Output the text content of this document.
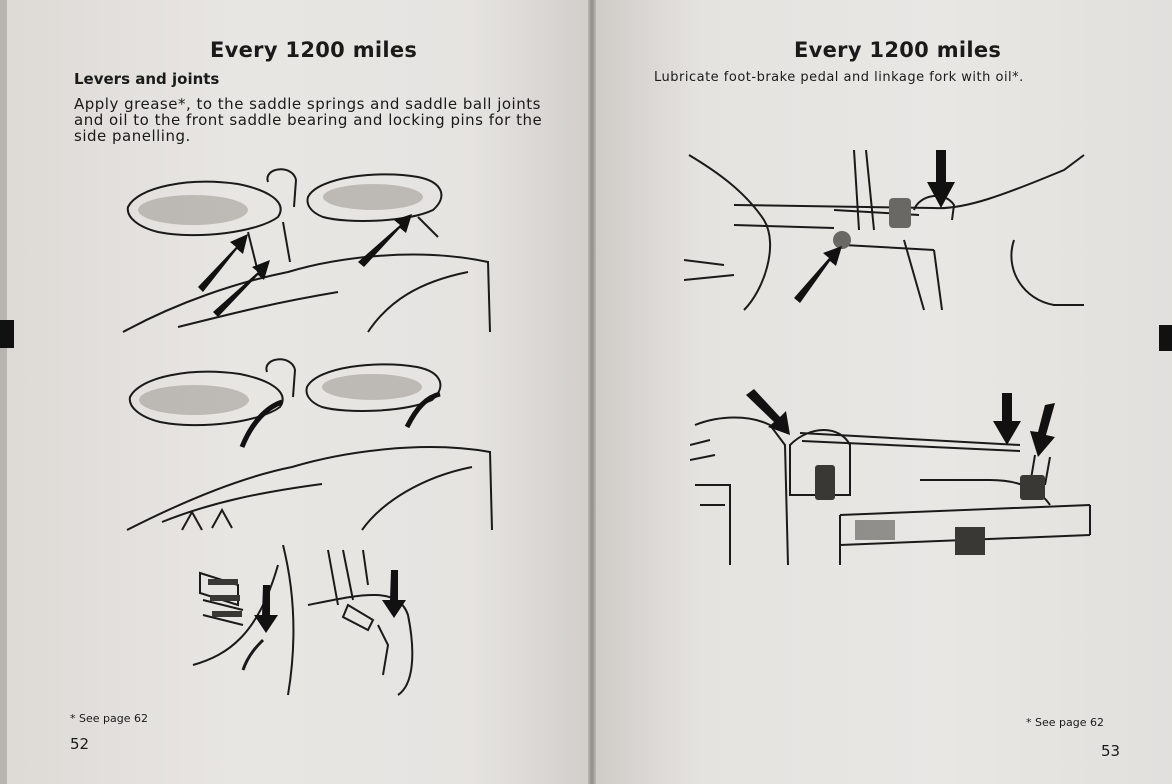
Every 1200 miles
Levers and joints
Apply grease*, to the saddle springs and saddle ball joints and oil to the front saddle bearing and locking pins for the side panelling.
* See page 62
52
Every 1200 miles
Lubricate foot-brake pedal and linkage fork with oil*.
* See page 62
53
